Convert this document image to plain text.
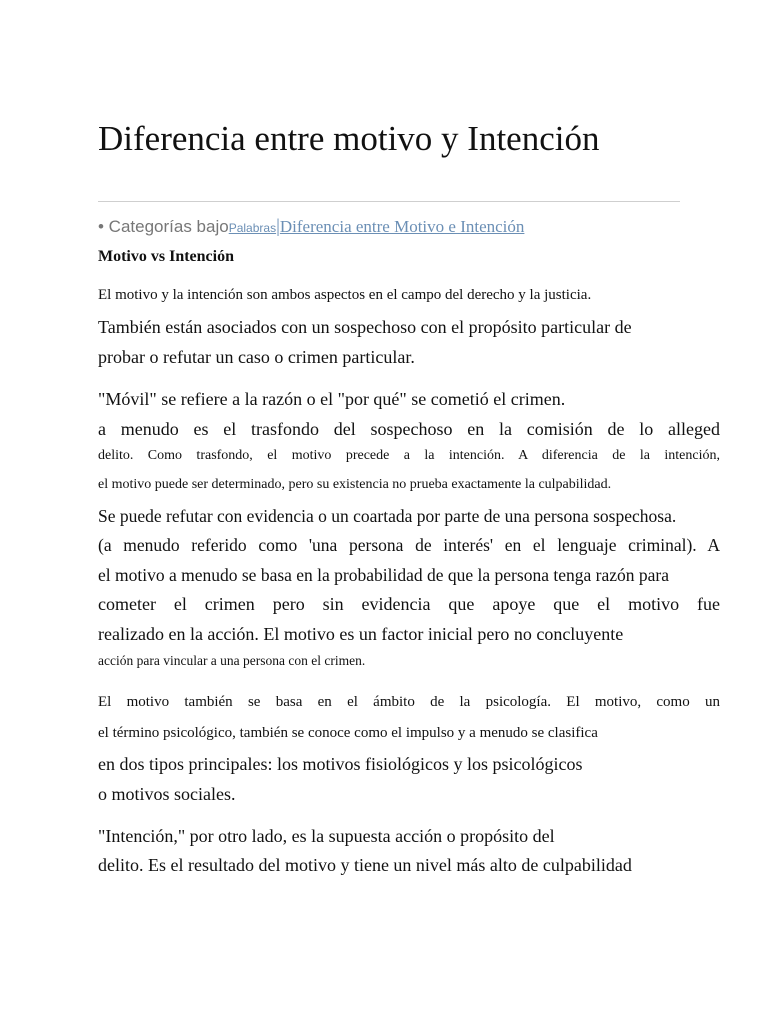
Diferencia entre motivo y Intención
• Categorías bajoPalabras|Diferencia entre Motivo e Intención
Motivo vs Intención
El motivo y la intención son ambos aspectos en el campo del derecho y la justicia.
También están asociados con un sospechoso con el propósito particular de
probar o refutar un caso o crimen particular.
"Móvil" se refiere a la razón o el "por qué" se cometió el crimen.
a menudo es el trasfondo del sospechoso en la comisión de lo alleged
delito. Como trasfondo, el motivo precede a la intención. A diferencia de la intención,
el motivo puede ser determinado, pero su existencia no prueba exactamente la culpabilidad.
Se puede refutar con evidencia o un coartada por parte de una persona sospechosa.
(a menudo referido como 'una persona de interés' en el lenguaje criminal). A
el motivo a menudo se basa en la probabilidad de que la persona tenga razón para
cometer el crimen pero sin evidencia que apoye que el motivo fue
realizado en la acción. El motivo es un factor inicial pero no concluyente
acción para vincular a una persona con el crimen.
El motivo también se basa en el ámbito de la psicología. El motivo, como un
el término psicológico, también se conoce como el impulso y a menudo se clasifica
en dos tipos principales: los motivos fisiológicos y los psicológicos
o motivos sociales.
"Intención," por otro lado, es la supuesta acción o propósito del
delito. Es el resultado del motivo y tiene un nivel más alto de culpabilidad
